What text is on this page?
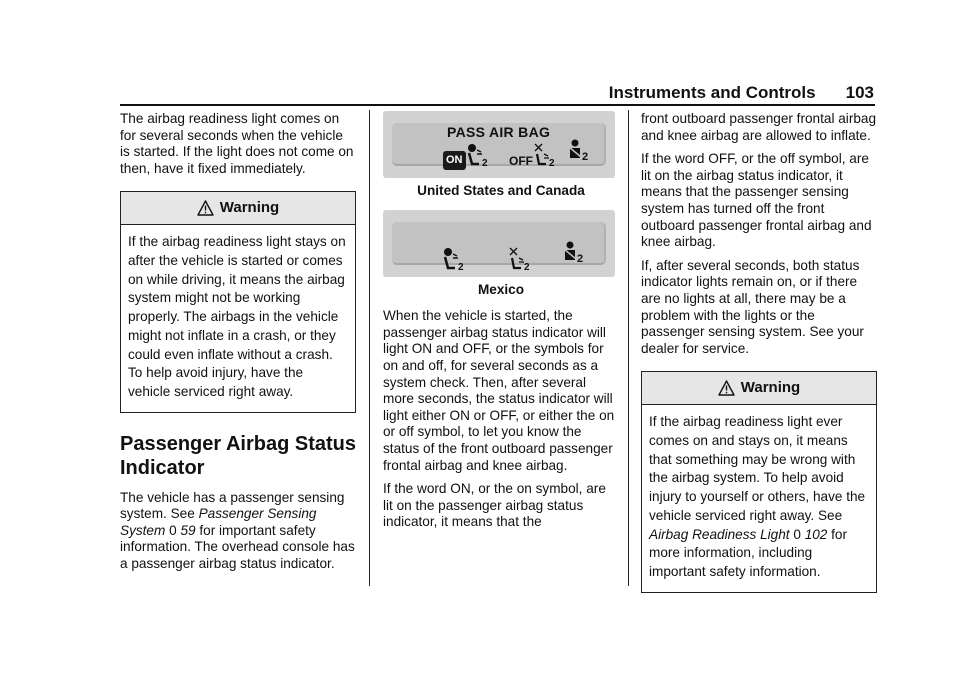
Instruments and Controls 103

The airbag readiness light comes on for several seconds when the vehicle is started. If the light does not come on then, have it fixed immediately.

Warning
If the airbag readiness light stays on after the vehicle is started or comes on while driving, it means the airbag system might not be working properly. The airbags in the vehicle might not inflate in a crash, or they could even inflate without a crash. To help avoid injury, have the vehicle serviced right away.
Passenger Airbag Status Indicator

The vehicle has a passenger sensing system. See Passenger Sensing System 0 59 for important safety information. The overhead console has a passenger airbag status indicator.

PASS AIR BAG
ON	2 OFF 2
2
United States and Canada
2	2
2
Mexico

When the vehicle is started, the passenger airbag status indicator will light ON and OFF, or the symbols for on and off, for several seconds as a system check. Then, after several more seconds, the status indicator will light either ON or OFF, or either the on or off symbol, to let you know the status of the front outboard passenger frontal airbag and knee airbag.

If the word ON, or the on symbol, are lit on the passenger airbag status indicator, it means that the

front outboard passenger frontal airbag and knee airbag are allowed to inflate.

If the word OFF, or the off symbol, are lit on the airbag status indicator, it means that the passenger sensing system has turned off the front outboard passenger frontal airbag and knee airbag.

If, after several seconds, both status indicator lights remain on, or if there are no lights at all, there may be a problem with the lights or the passenger sensing system. See your dealer for service.

Warning
If the airbag readiness light ever comes on and stays on, it means that something may be wrong with the airbag system. To help avoid injury to yourself or others, have the vehicle serviced right away. See Airbag Readiness Light 0 102 for more information, including important safety information.
